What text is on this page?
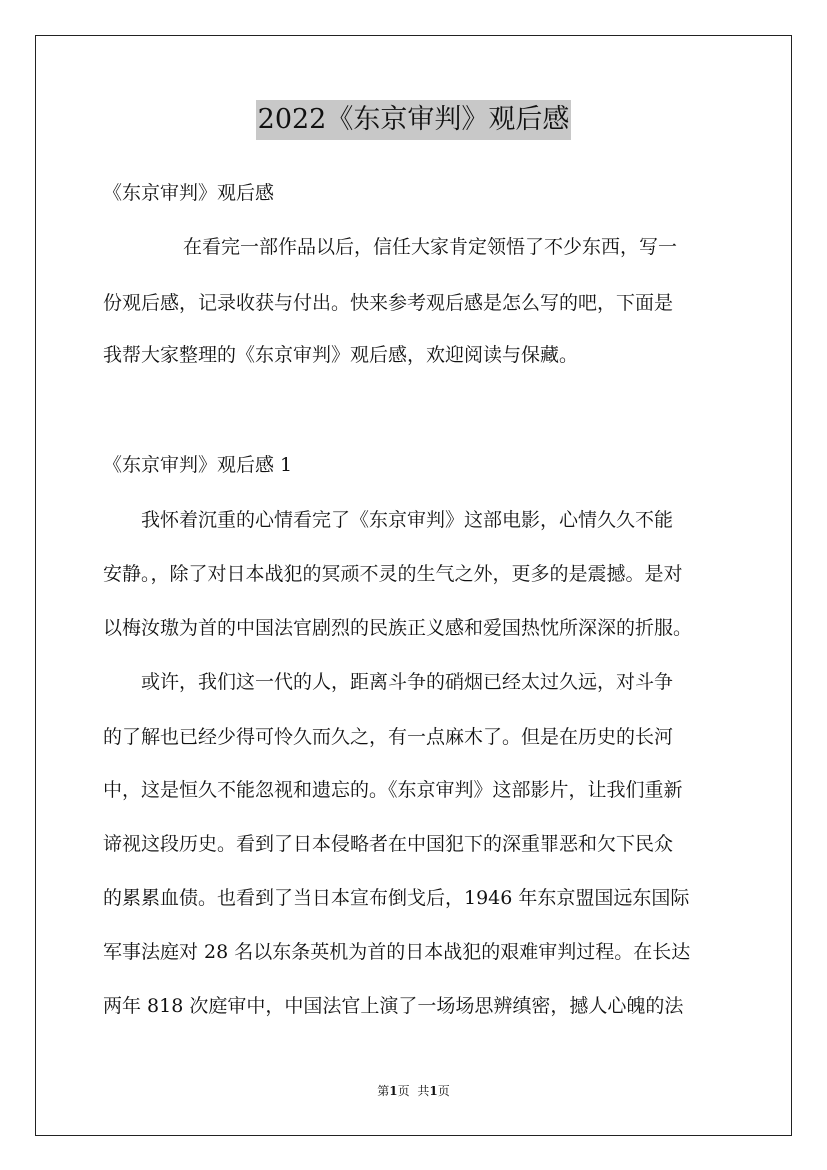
2022《东京审判》观后感
《东京审判》观后感
在看完一部作品以后，信任大家肯定领悟了不少东西，写一
份观后感，记录收获与付出。快来参考观后感是怎么写的吧，下面是
我帮大家整理的《东京审判》观后感，欢迎阅读与保藏。
《东京审判》观后感 1
我怀着沉重的心情看完了《东京审判》这部电影，心情久久不能
安静。，除了对日本战犯的冥顽不灵的生气之外，更多的是震撼。是对
以梅汝璈为首的中国法官剧烈的民族正义感和爱国热忱所深深的折服。
或许，我们这一代的人，距离斗争的硝烟已经太过久远，对斗争
的了解也已经少得可怜久而久之，有一点麻木了。但是在历史的长河
中，这是恒久不能忽视和遗忘的。《东京审判》这部影片，让我们重新
谛视这段历史。看到了日本侵略者在中国犯下的深重罪恶和欠下民众
的累累血债。也看到了当日本宣布倒戈后，1946 年东京盟国远东国际
军事法庭对 28 名以东条英机为首的日本战犯的艰难审判过程。在长达
两年 818 次庭审中，中国法官上演了一场场思辨缜密，撼人心魄的法
第1页 共1页
